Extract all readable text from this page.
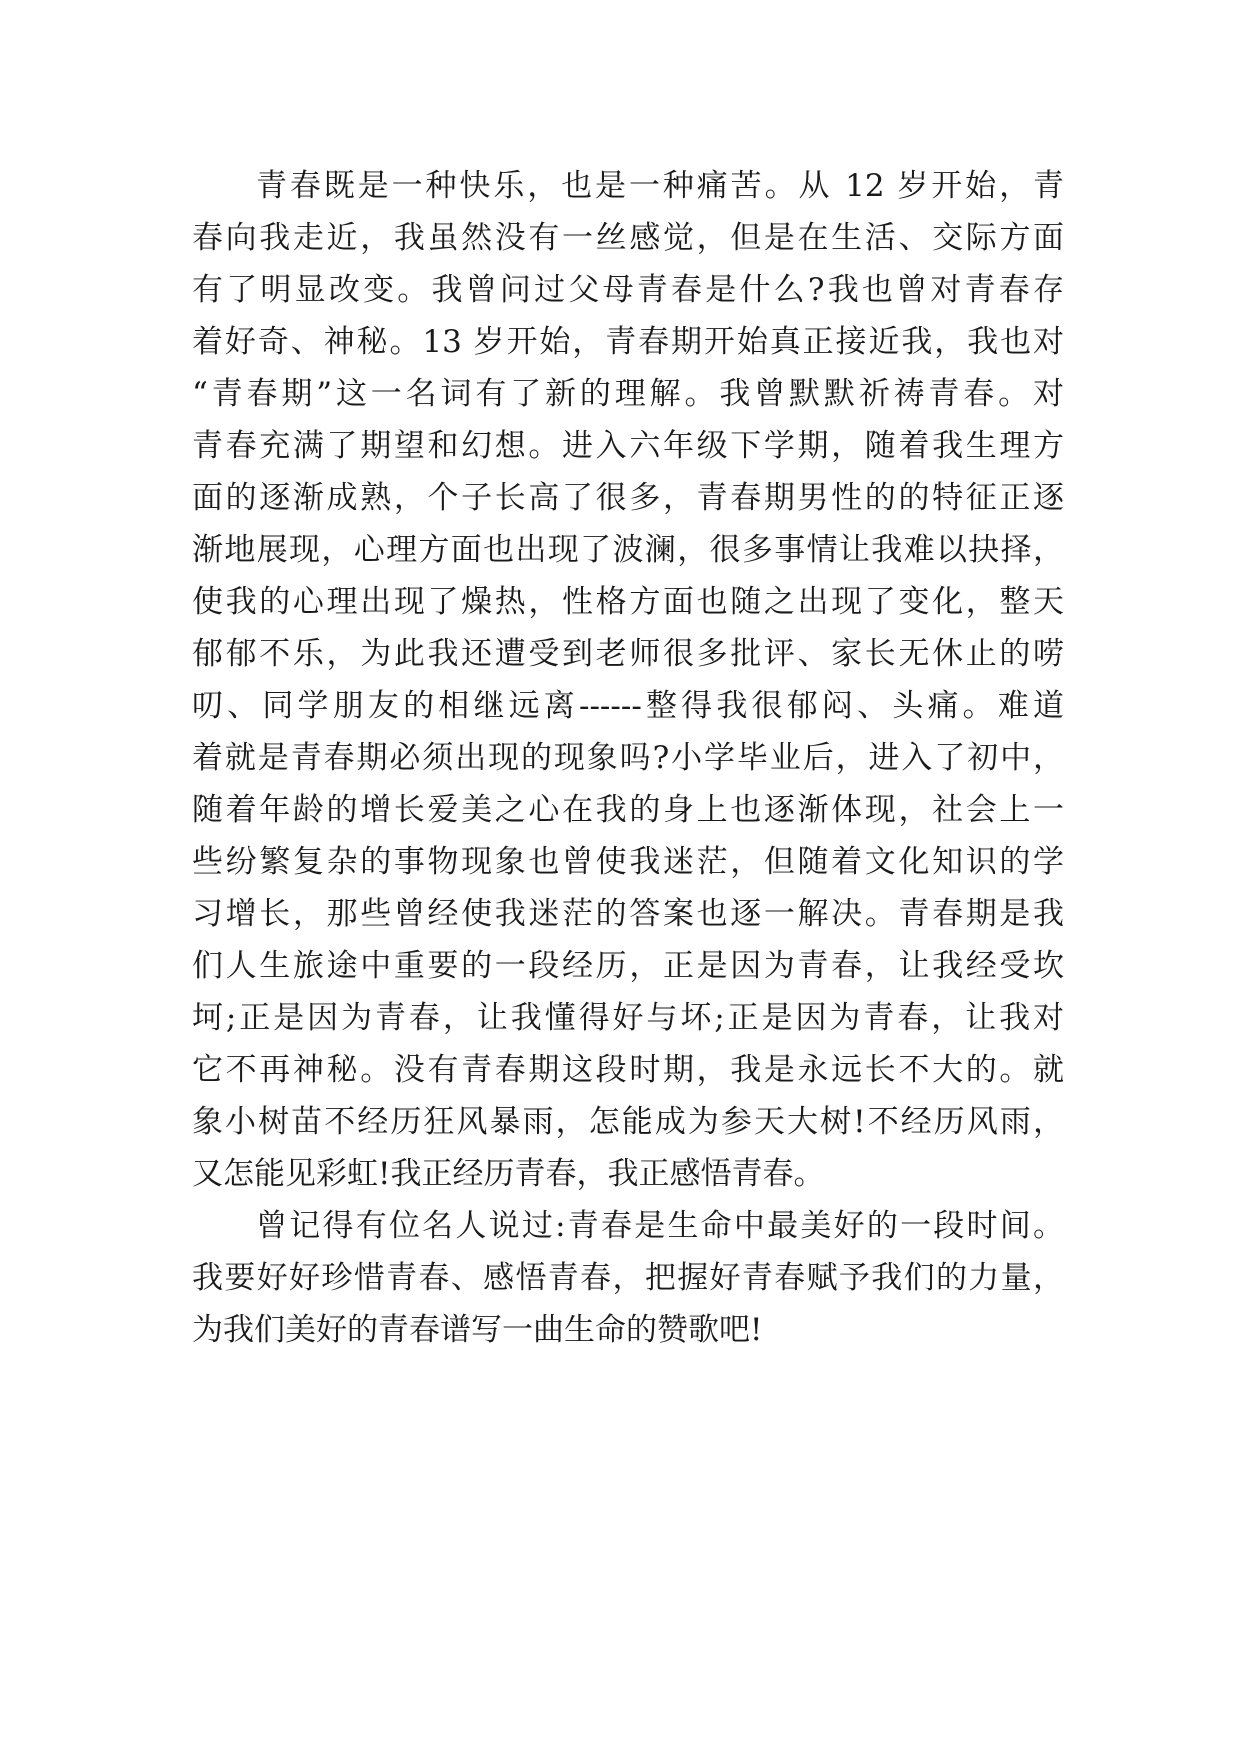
青春既是一种快乐，也是一种痛苦。从 12 岁开始，青
春向我走近，我虽然没有一丝感觉，但是在生活、交际方面
有了明显改变。我曾问过父母青春是什么?我也曾对青春存
着好奇、神秘。13 岁开始，青春期开始真正接近我，我也对
“青春期”这一名词有了新的理解。我曾默默祈祷青春。对
青春充满了期望和幻想。进入六年级下学期，随着我生理方
面的逐渐成熟，个子长高了很多，青春期男性的的特征正逐
渐地展现，心理方面也出现了波澜，很多事情让我难以抉择，
使我的心理出现了燥热，性格方面也随之出现了变化，整天
郁郁不乐，为此我还遭受到老师很多批评、家长无休止的唠
叨、同学朋友的相继远离------整得我很郁闷、头痛。难道
着就是青春期必须出现的现象吗?小学毕业后，进入了初中，
随着年龄的增长爱美之心在我的身上也逐渐体现，社会上一
些纷繁复杂的事物现象也曾使我迷茫，但随着文化知识的学
习增长，那些曾经使我迷茫的答案也逐一解决。青春期是我
们人生旅途中重要的一段经历，正是因为青春，让我经受坎
坷;正是因为青春，让我懂得好与坏;正是因为青春，让我对
它不再神秘。没有青春期这段时期，我是永远长不大的。就
象小树苗不经历狂风暴雨，怎能成为参天大树!不经历风雨，
又怎能见彩虹!我正经历青春，我正感悟青春。
曾记得有位名人说过:青春是生命中最美好的一段时间。
我要好好珍惜青春、感悟青春，把握好青春赋予我们的力量，
为我们美好的青春谱写一曲生命的赞歌吧!
